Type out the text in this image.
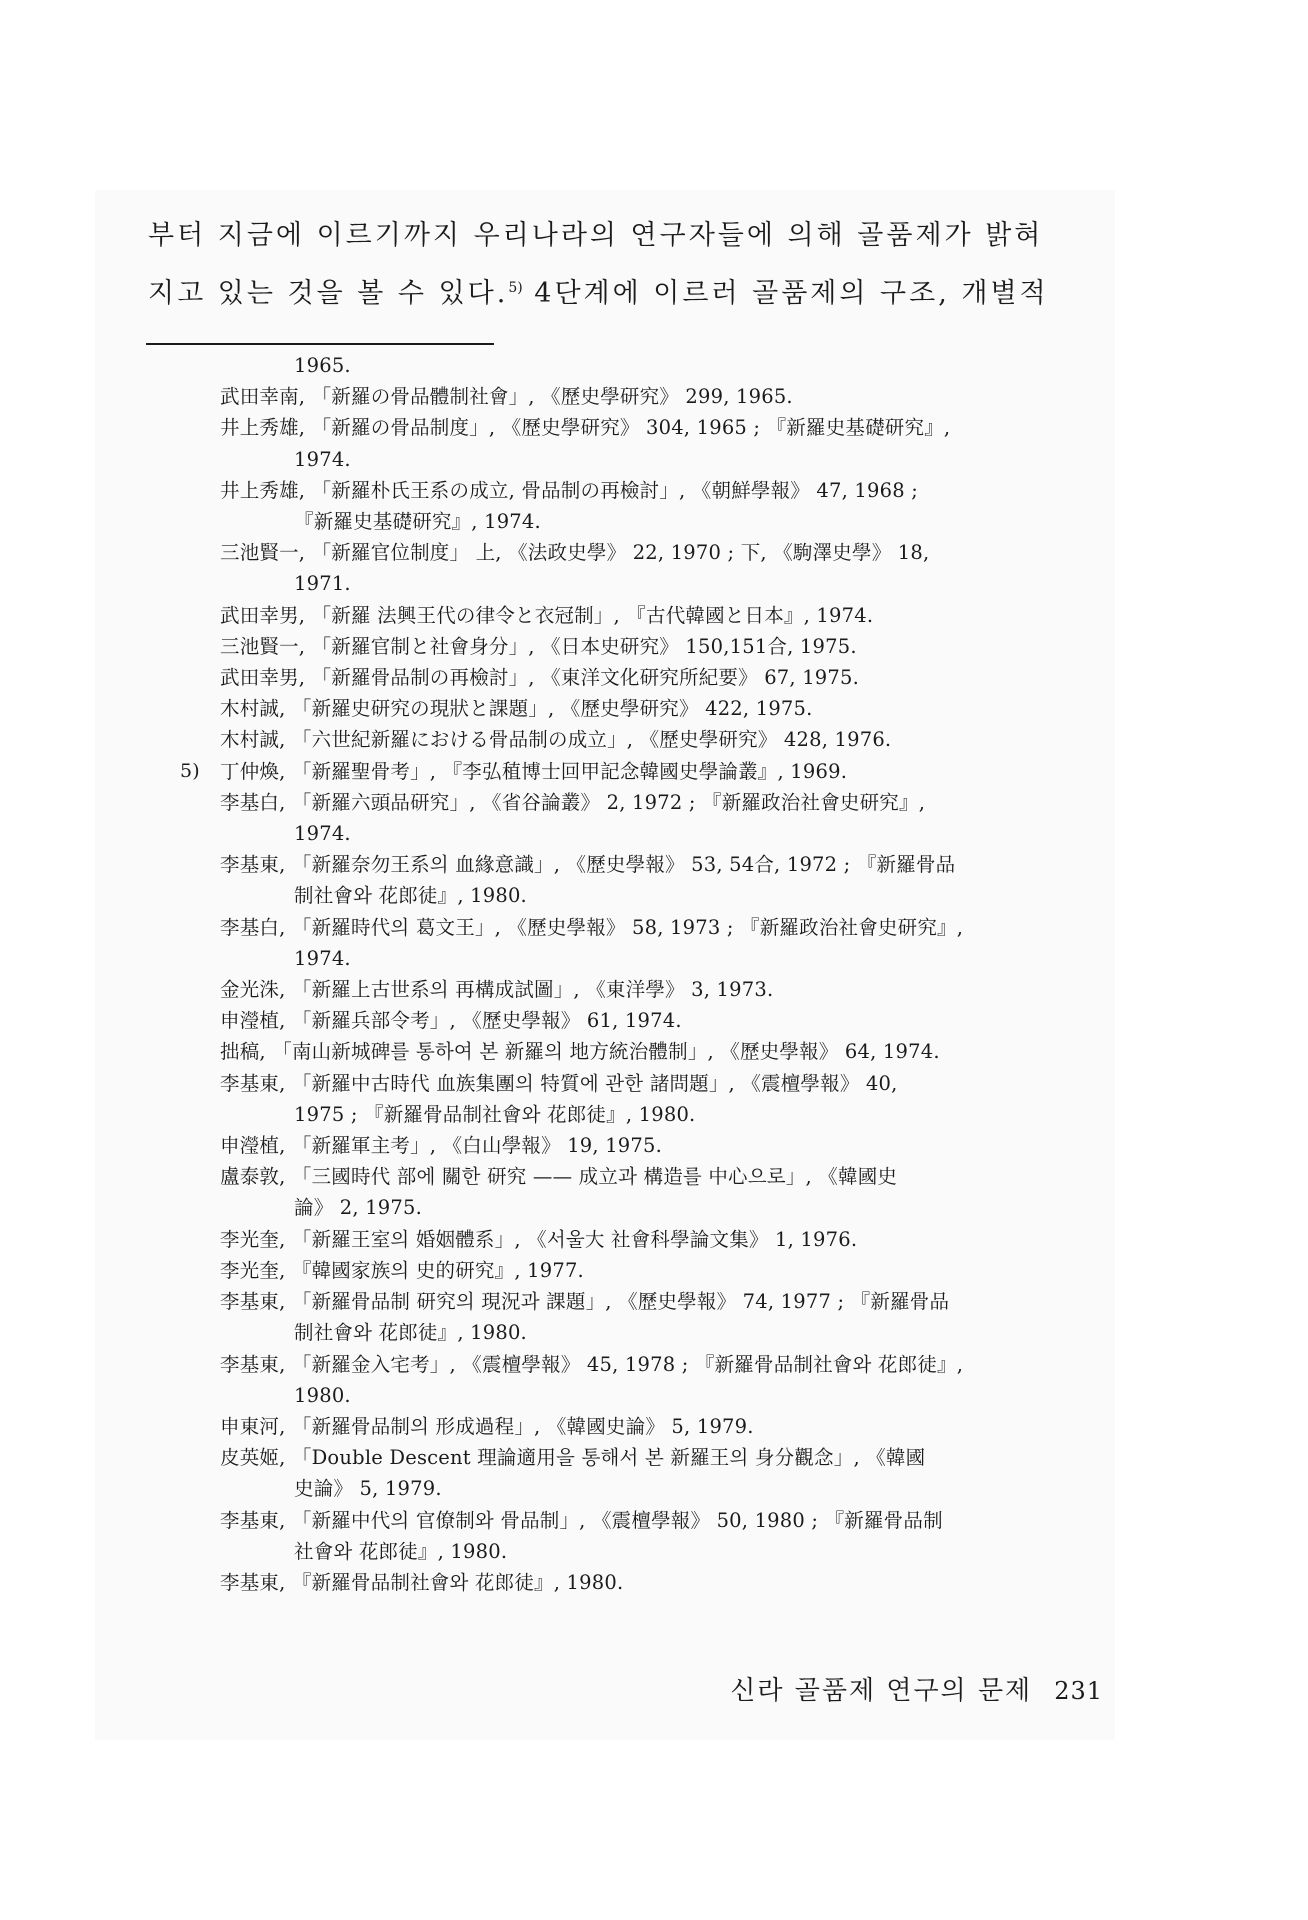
부터 지금에 이르기까지 우리나라의 연구자들에 의해 골품제가 밝혀
지고 있는 것을 볼 수 있다.$^{5)}$ 4단계에 이르러 골품제의 구조, 개별적
1965.
武田幸南, 「新羅の骨品體制社會」, 《歷史學研究》 299, 1965.
井上秀雄, 「新羅の骨品制度」, 《歷史學研究》 304, 1965 ; 『新羅史基礎研究』,
1974.
井上秀雄, 「新羅朴氏王系の成立, 骨品制の再檢討」, 《朝鮮學報》 47, 1968 ;
『新羅史基礎研究』, 1974.
三池賢一, 「新羅官位制度」 上, 《法政史學》 22, 1970 ; 下, 《駒澤史學》 18,
1971.
武田幸男, 「新羅 法興王代の律令と衣冠制」, 『古代韓國と日本』, 1974.
三池賢一, 「新羅官制と社會身分」, 《日本史研究》 150,151合, 1975.
武田幸男, 「新羅骨品制の再檢討」, 《東洋文化研究所紀要》 67, 1975.
木村誠, 「新羅史研究の現狀と課題」, 《歷史學研究》 422, 1975.
木村誠, 「六世紀新羅における骨品制の成立」, 《歷史學研究》 428, 1976.
5) 丁仲煥, 「新羅聖骨考」, 『李弘稙博士回甲記念韓國史學論叢』, 1969.
李基白, 「新羅六頭品研究」, 《省谷論叢》 2, 1972 ; 『新羅政治社會史研究』,
1974.
李基東, 「新羅奈勿王系의 血緣意識」, 《歷史學報》 53, 54合, 1972 ; 『新羅骨品
制社會와 花郎徒』, 1980.
李基白, 「新羅時代의 葛文王」, 《歷史學報》 58, 1973 ; 『新羅政治社會史研究』,
1974.
金光洙, 「新羅上古世系의 再構成試圖」, 《東洋學》 3, 1973.
申瀅植, 「新羅兵部令考」, 《歷史學報》 61, 1974.
拙稿, 「南山新城碑를 통하여 본 新羅의 地方統治體制」, 《歷史學報》 64, 1974.
李基東, 「新羅中古時代 血族集團의 特質에 관한 諸問題」, 《震檀學報》 40,
1975 ; 『新羅骨品制社會와 花郎徒』, 1980.
申瀅植, 「新羅軍主考」, 《白山學報》 19, 1975.
盧泰敦, 「三國時代 部에 關한 研究 —— 成立과 構造를 中心으로」, 《韓國史
論》 2, 1975.
李光奎, 「新羅王室의 婚姻體系」, 《서울大 社會科學論文集》 1, 1976.
李光奎, 『韓國家族의 史的研究』, 1977.
李基東, 「新羅骨品制 研究의 現況과 課題」, 《歷史學報》 74, 1977 ; 『新羅骨品
制社會와 花郎徒』, 1980.
李基東, 「新羅金入宅考」, 《震檀學報》 45, 1978 ; 『新羅骨品制社會와 花郎徒』,
1980.
申東河, 「新羅骨品制의 形成過程」, 《韓國史論》 5, 1979.
皮英姬, 「Double Descent 理論適用을 통해서 본 新羅王의 身分觀念」, 《韓國
史論》 5, 1979.
李基東, 「新羅中代의 官僚制와 骨品制」, 《震檀學報》 50, 1980 ; 『新羅骨品制
社會와 花郎徒』, 1980.
李基東, 『新羅骨品制社會와 花郎徒』, 1980.
신라 골품제 연구의 문제 231
